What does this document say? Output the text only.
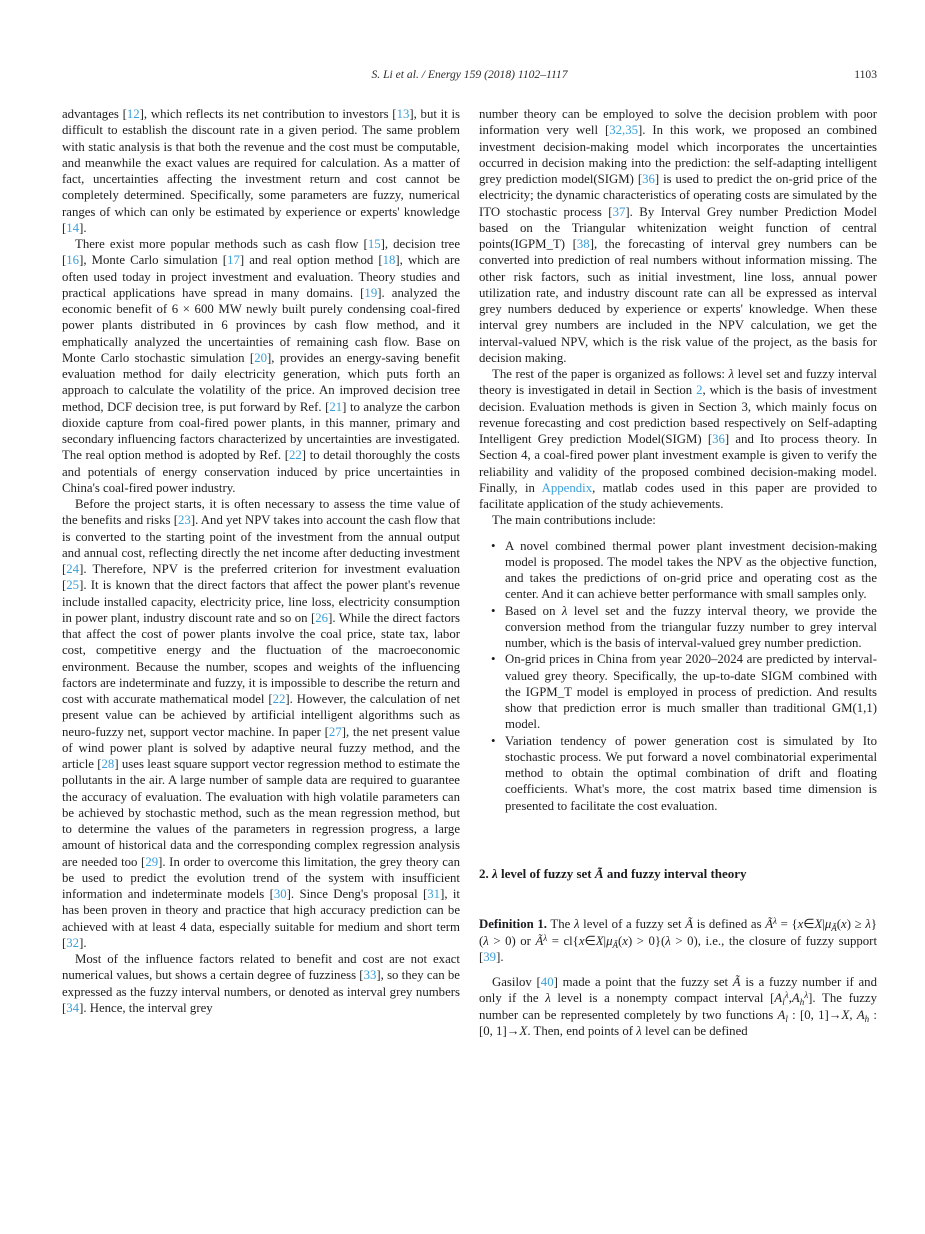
S. Li et al. / Energy 159 (2018) 1102–1117	1103

advantages [12], which reflects its net contribution to investors [13], but it is difficult to establish the discount rate in a given period. The same problem with static analysis is that both the revenue and the cost must be computable, and meanwhile the exact values are required for calculation. As a matter of fact, uncertainties affecting the investment return and cost cannot be completely determined. Specifically, some parameters are fuzzy, numerical ranges of which can only be estimated by experience or experts' knowledge [14].

There exist more popular methods such as cash flow [15], decision tree [16], Monte Carlo simulation [17] and real option method [18], which are often used today in project investment and evaluation. Theory studies and practical applications have spread in many domains. [19]. analyzed the economic benefit of 6 × 600 MW newly built purely condensing coal-fired power plants distributed in 6 provinces by cash flow method, and it emphatically analyzed the uncertainties of remaining cash flow. Base on Monte Carlo stochastic simulation [20], provides an energy-saving benefit evaluation method for daily electricity generation, which puts forth an approach to calculate the volatility of the price. An improved decision tree method, DCF decision tree, is put forward by Ref. [21] to analyze the carbon dioxide capture from coal-fired power plants, in this manner, primary and secondary influencing factors characterized by uncertainties are investigated. The real option method is adopted by Ref. [22] to detail thoroughly the costs and potentials of energy conservation induced by price uncertainties in China's coal-fired power industry.

Before the project starts, it is often necessary to assess the time value of the benefits and risks [23]. And yet NPV takes into account the cash flow that is converted to the starting point of the investment from the annual output and annual cost, reflecting directly the net income after deducting investment [24]. Therefore, NPV is the preferred criterion for investment evaluation [25]. It is known that the direct factors that affect the power plant's revenue include installed capacity, electricity price, line loss, electricity consumption in power plant, industry discount rate and so on [26]. While the direct factors that affect the cost of power plants involve the coal price, state tax, labor cost, competitive energy and the fluctuation of the macroeconomic environment. Because the number, scopes and weights of the influencing factors are indeterminate and fuzzy, it is impossible to describe the return and cost with accurate mathematical model [22]. However, the calculation of net present value can be achieved by artificial intelligent algorithms such as neuro-fuzzy net, support vector machine. In paper [27], the net present value of wind power plant is solved by adaptive neural fuzzy method, and the article [28] uses least square support vector regression method to estimate the pollutants in the air. A large number of sample data are required to guarantee the accuracy of evaluation. The evaluation with high volatile parameters can be achieved by stochastic method, such as the mean regression method, but to determine the values of the parameters in regression progress, a large amount of historical data and the corresponding complex regression analysis are needed too [29]. In order to overcome this limitation, the grey theory can be used to predict the evolution trend of the system with insufficient information and indeterminate models [30]. Since Deng's proposal [31], it has been proven in theory and practice that high accuracy prediction can be achieved with at least 4 data, especially suitable for medium and short term [32].

Most of the influence factors related to benefit and cost are not exact numerical values, but shows a certain degree of fuzziness [33], so they can be expressed as the fuzzy interval numbers, or denoted as interval grey numbers [34]. Hence, the interval grey

number theory can be employed to solve the decision problem with poor information very well [32,35]. In this work, we proposed an combined investment decision-making model which incorporates the uncertainties occurred in decision making into the prediction: the self-adapting intelligent grey prediction model(SIGM) [36] is used to predict the on-grid price of the electricity; the dynamic characteristics of operating costs are simulated by the ITO stochastic process [37]. By Interval Grey number Prediction Model based on the Triangular whitenization weight function of central points(IGPM_T) [38], the forecasting of interval grey numbers can be converted into prediction of real numbers without information missing. The other risk factors, such as initial investment, line loss, annual power utilization rate, and industry discount rate can all be expressed as interval grey numbers deduced by experience or experts' knowledge. When these interval grey numbers are included in the NPV calculation, we get the interval-valued NPV, which is the risk value of the project, as the basis for decision making.

The rest of the paper is organized as follows: λ level set and fuzzy interval theory is investigated in detail in Section 2, which is the basis of investment decision. Evaluation methods is given in Section 3, which mainly focus on revenue forecasting and cost prediction based respectively on Self-adapting Intelligent Grey prediction Model(SIGM) [36] and Ito process theory. In Section 4, a coal-fired power plant investment example is given to verify the reliability and validity of the proposed combined decision-making model. Finally, in Appendix, matlab codes used in this paper are provided to facilitate application of the study achievements.

The main contributions include:

• A novel combined thermal power plant investment decision-making model is proposed. The model takes the NPV as the objective function, and takes the predictions of on-grid price and operating cost as the center. And it can achieve better performance with small samples only.
• Based on λ level set and the fuzzy interval theory, we provide the conversion method from the triangular fuzzy number to grey interval number, which is the basis of interval-valued grey number prediction.
• On-grid prices in China from year 2020–2024 are predicted by interval-valued grey theory. Specifically, the up-to-date SIGM combined with the IGPM_T model is employed in process of prediction. And results show that prediction error is much smaller than traditional GM(1,1) model.
• Variation tendency of power generation cost is simulated by Ito stochastic process. We put forward a novel combinatorial experimental method to obtain the optimal combination of drift and floating coefficients. What's more, the cost matrix based time dimension is presented to facilitate the cost evaluation.
2. λ level of fuzzy set Ã and fuzzy interval theory

Definition 1. The λ level of a fuzzy set Ã is defined as $Ã^\lambda$ = $\{x\in X|\mu_Ã(x) \ge \lambda\}(\lambda > 0)$ or $Ã^\lambda$ = $cl\{x\in X|\mu_Ã(x) > 0\}(\lambda > 0)$, i.e., the closure of fuzzy support [39].

Gasilov [40] made a point that the fuzzy set Ã is a fuzzy number if and only if the λ level is a nonempty compact interval $[A_l^\lambda,A_h^\lambda]$. The fuzzy number can be represented completely by two functions $A_l$ : [0, 1]→X, $A_h$ : [0, 1]→X. Then, end points of λ level can be defined
